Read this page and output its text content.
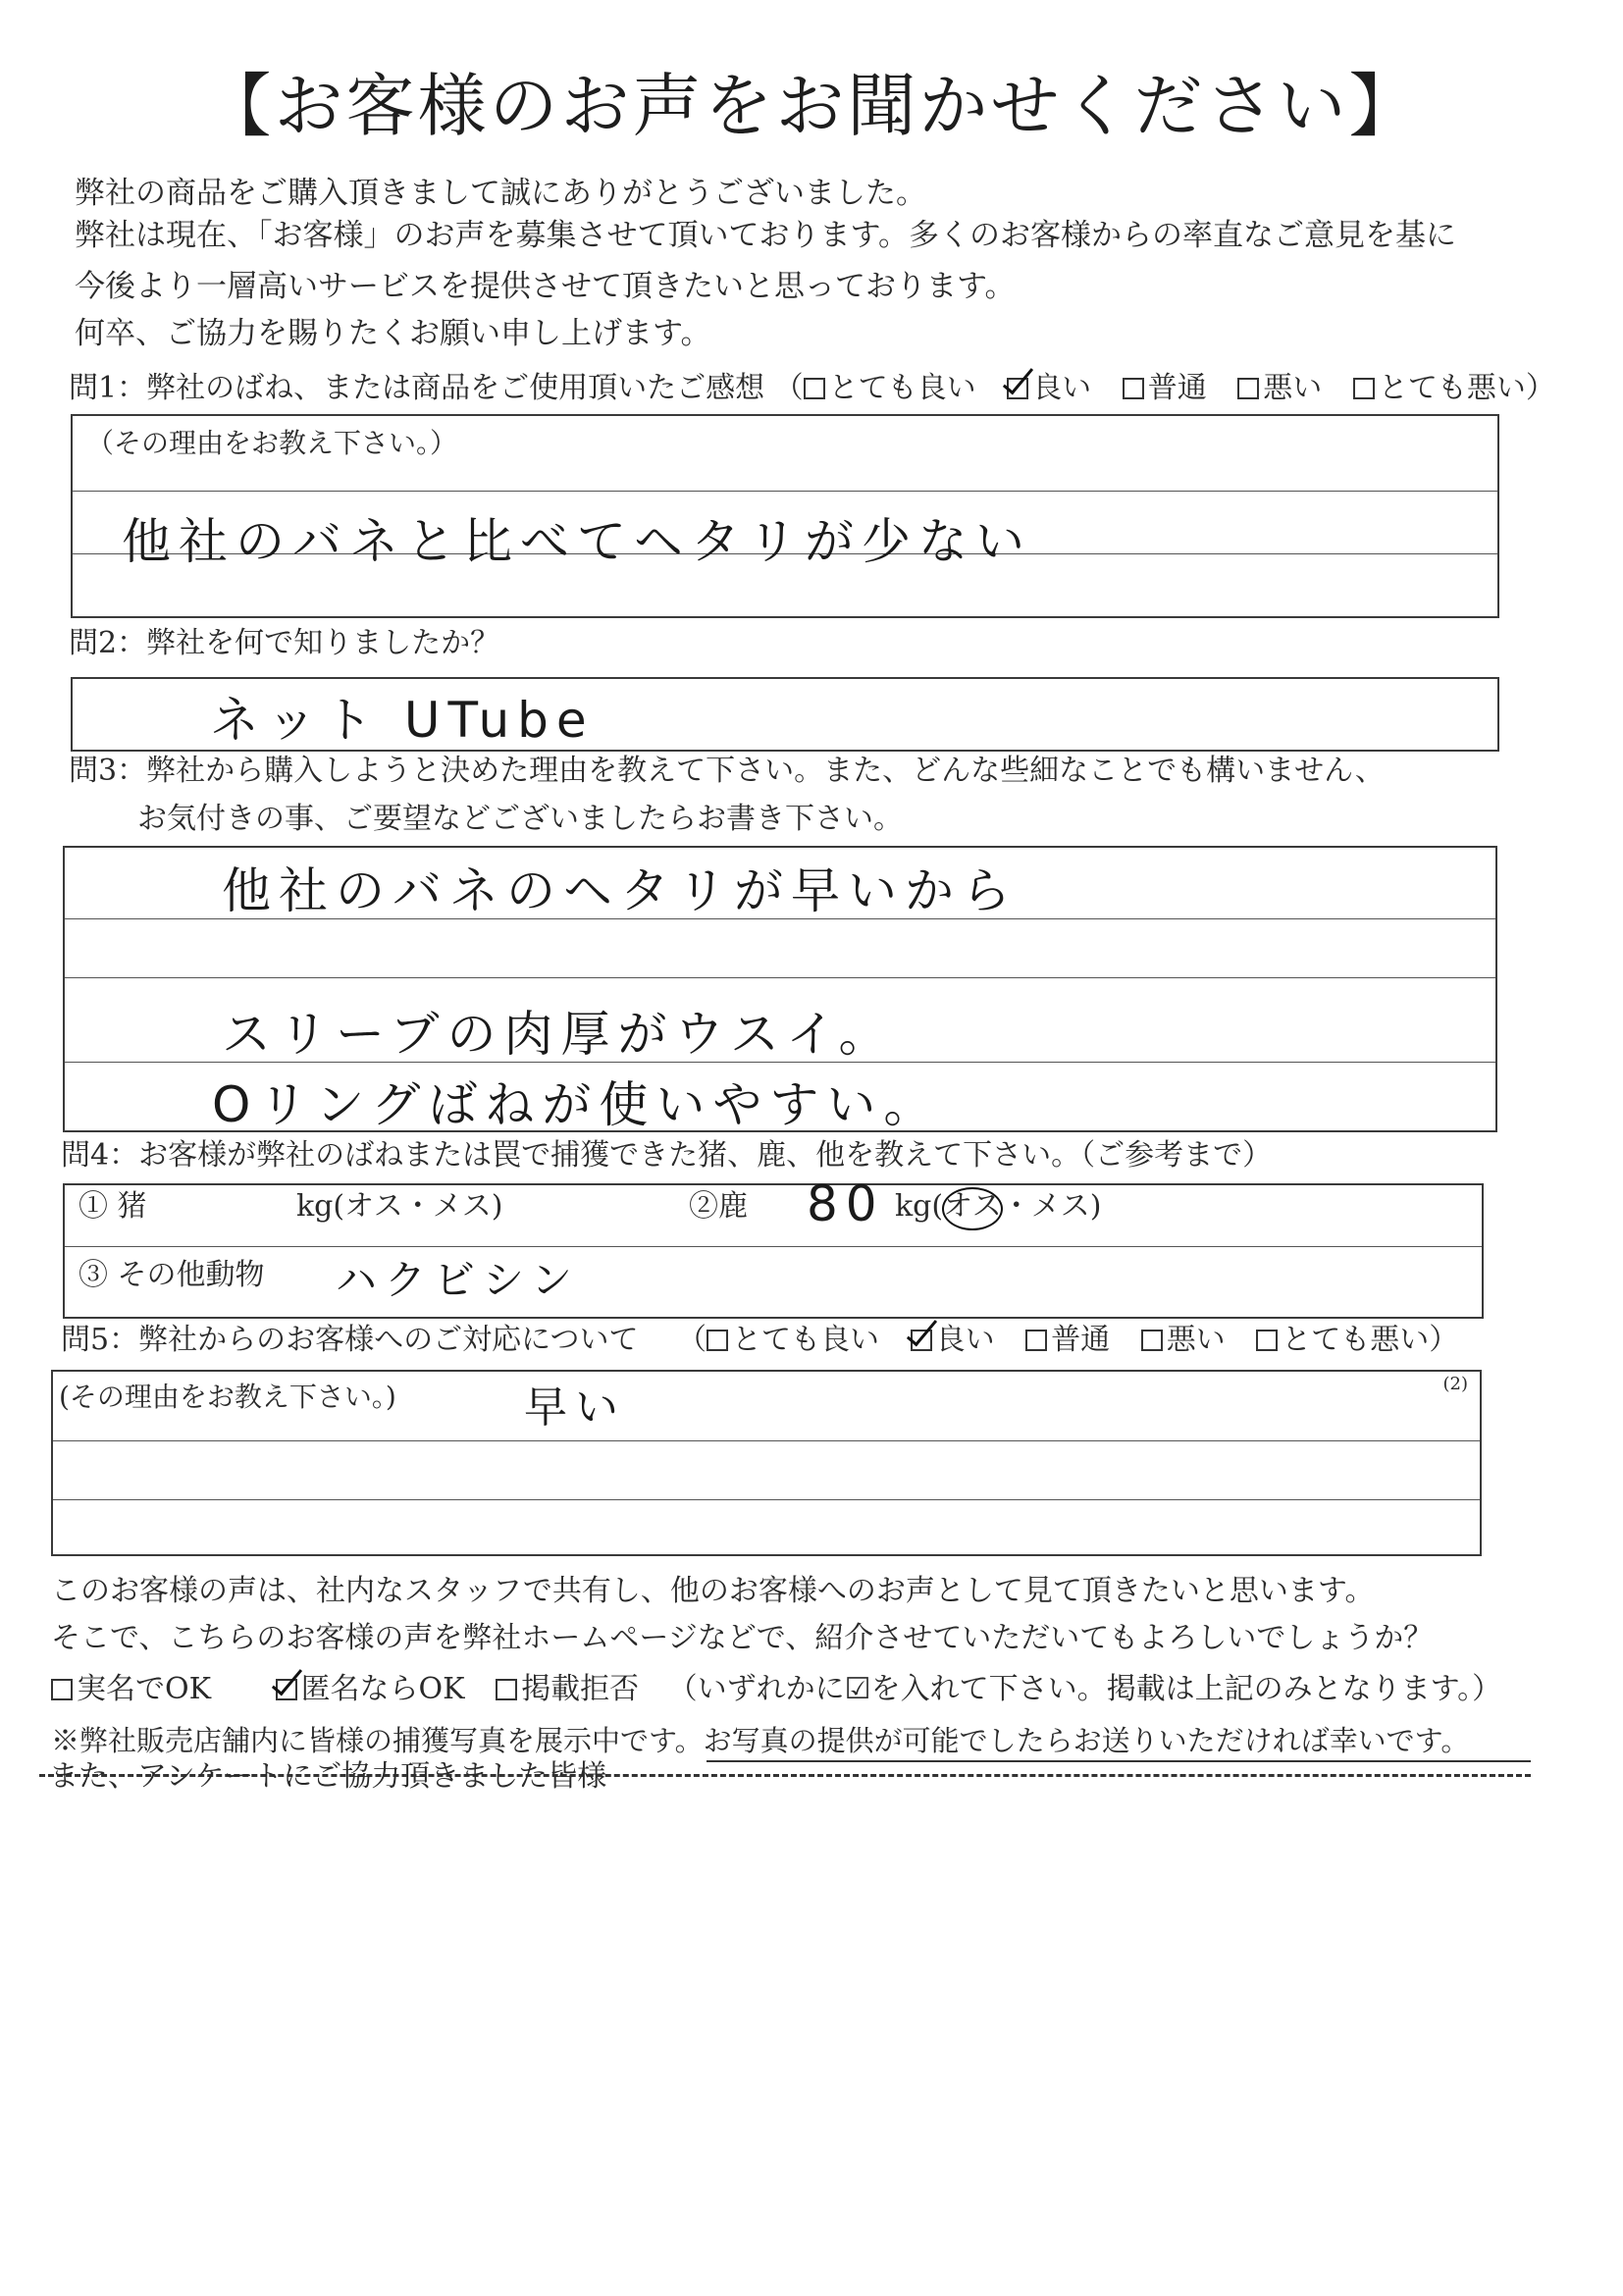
【お客様のお声をお聞かせください】
弊社の商品をご購入頂きまして誠にありがとうございました。
弊社は現在、「お客様」のお声を募集させて頂いております。多くのお客様からの率直なご意見を基に
今後より一層高いサービスを提供させて頂きたいと思っております。
何卒、ご協力を賜りたくお願い申し上げます。
問1：弊社のばね、または商品をご使用頂いたご感想 （ とても良い 良い 普通 悪い とても悪い）
（その理由をお教え下さい。）
他社のバネと比べてヘタリが少ない
問2：弊社を何で知りましたか？
ネット UTube
問3：弊社から購入しようと決めた理由を教えて下さい。また、どんな些細なことでも構いません、
お気付きの事、ご要望などございましたらお書き下さい。
他社のバネのヘタリが早いから
スリーブの肉厚がウスイ。
Oリングばねが使いやすい。
問4：お客様が弊社のばねまたは罠で捕獲できた猪、鹿、他を教えて下さい。（ご参考まで）
① 猪	kg(オス・メス)	②鹿 80 kg(オス・メス)
③ その他動物 ハクビシン
問5：弊社からのお客様へのご対応について （ とても良い 良い 普通 悪い とても悪い）
(その理由をお教え下さい。)	早い	(2)
このお客様の声は、社内なスタッフで共有し、他のお客様へのお声として見て頂きたいと思います。
そこで、こちらのお客様の声を弊社ホームページなどで、紹介させていただいてもよろしいでしょうか？
実名でOK	匿名ならOK 掲載拒否 （いずれかに☑を入れて下さい。掲載は上記のみとなります。）
※弊社販売店舗内に皆様の捕獲写真を展示中です。お写真の提供が可能でしたらお送りいただければ幸いです。
また、アンケートにご協力頂きました皆様
